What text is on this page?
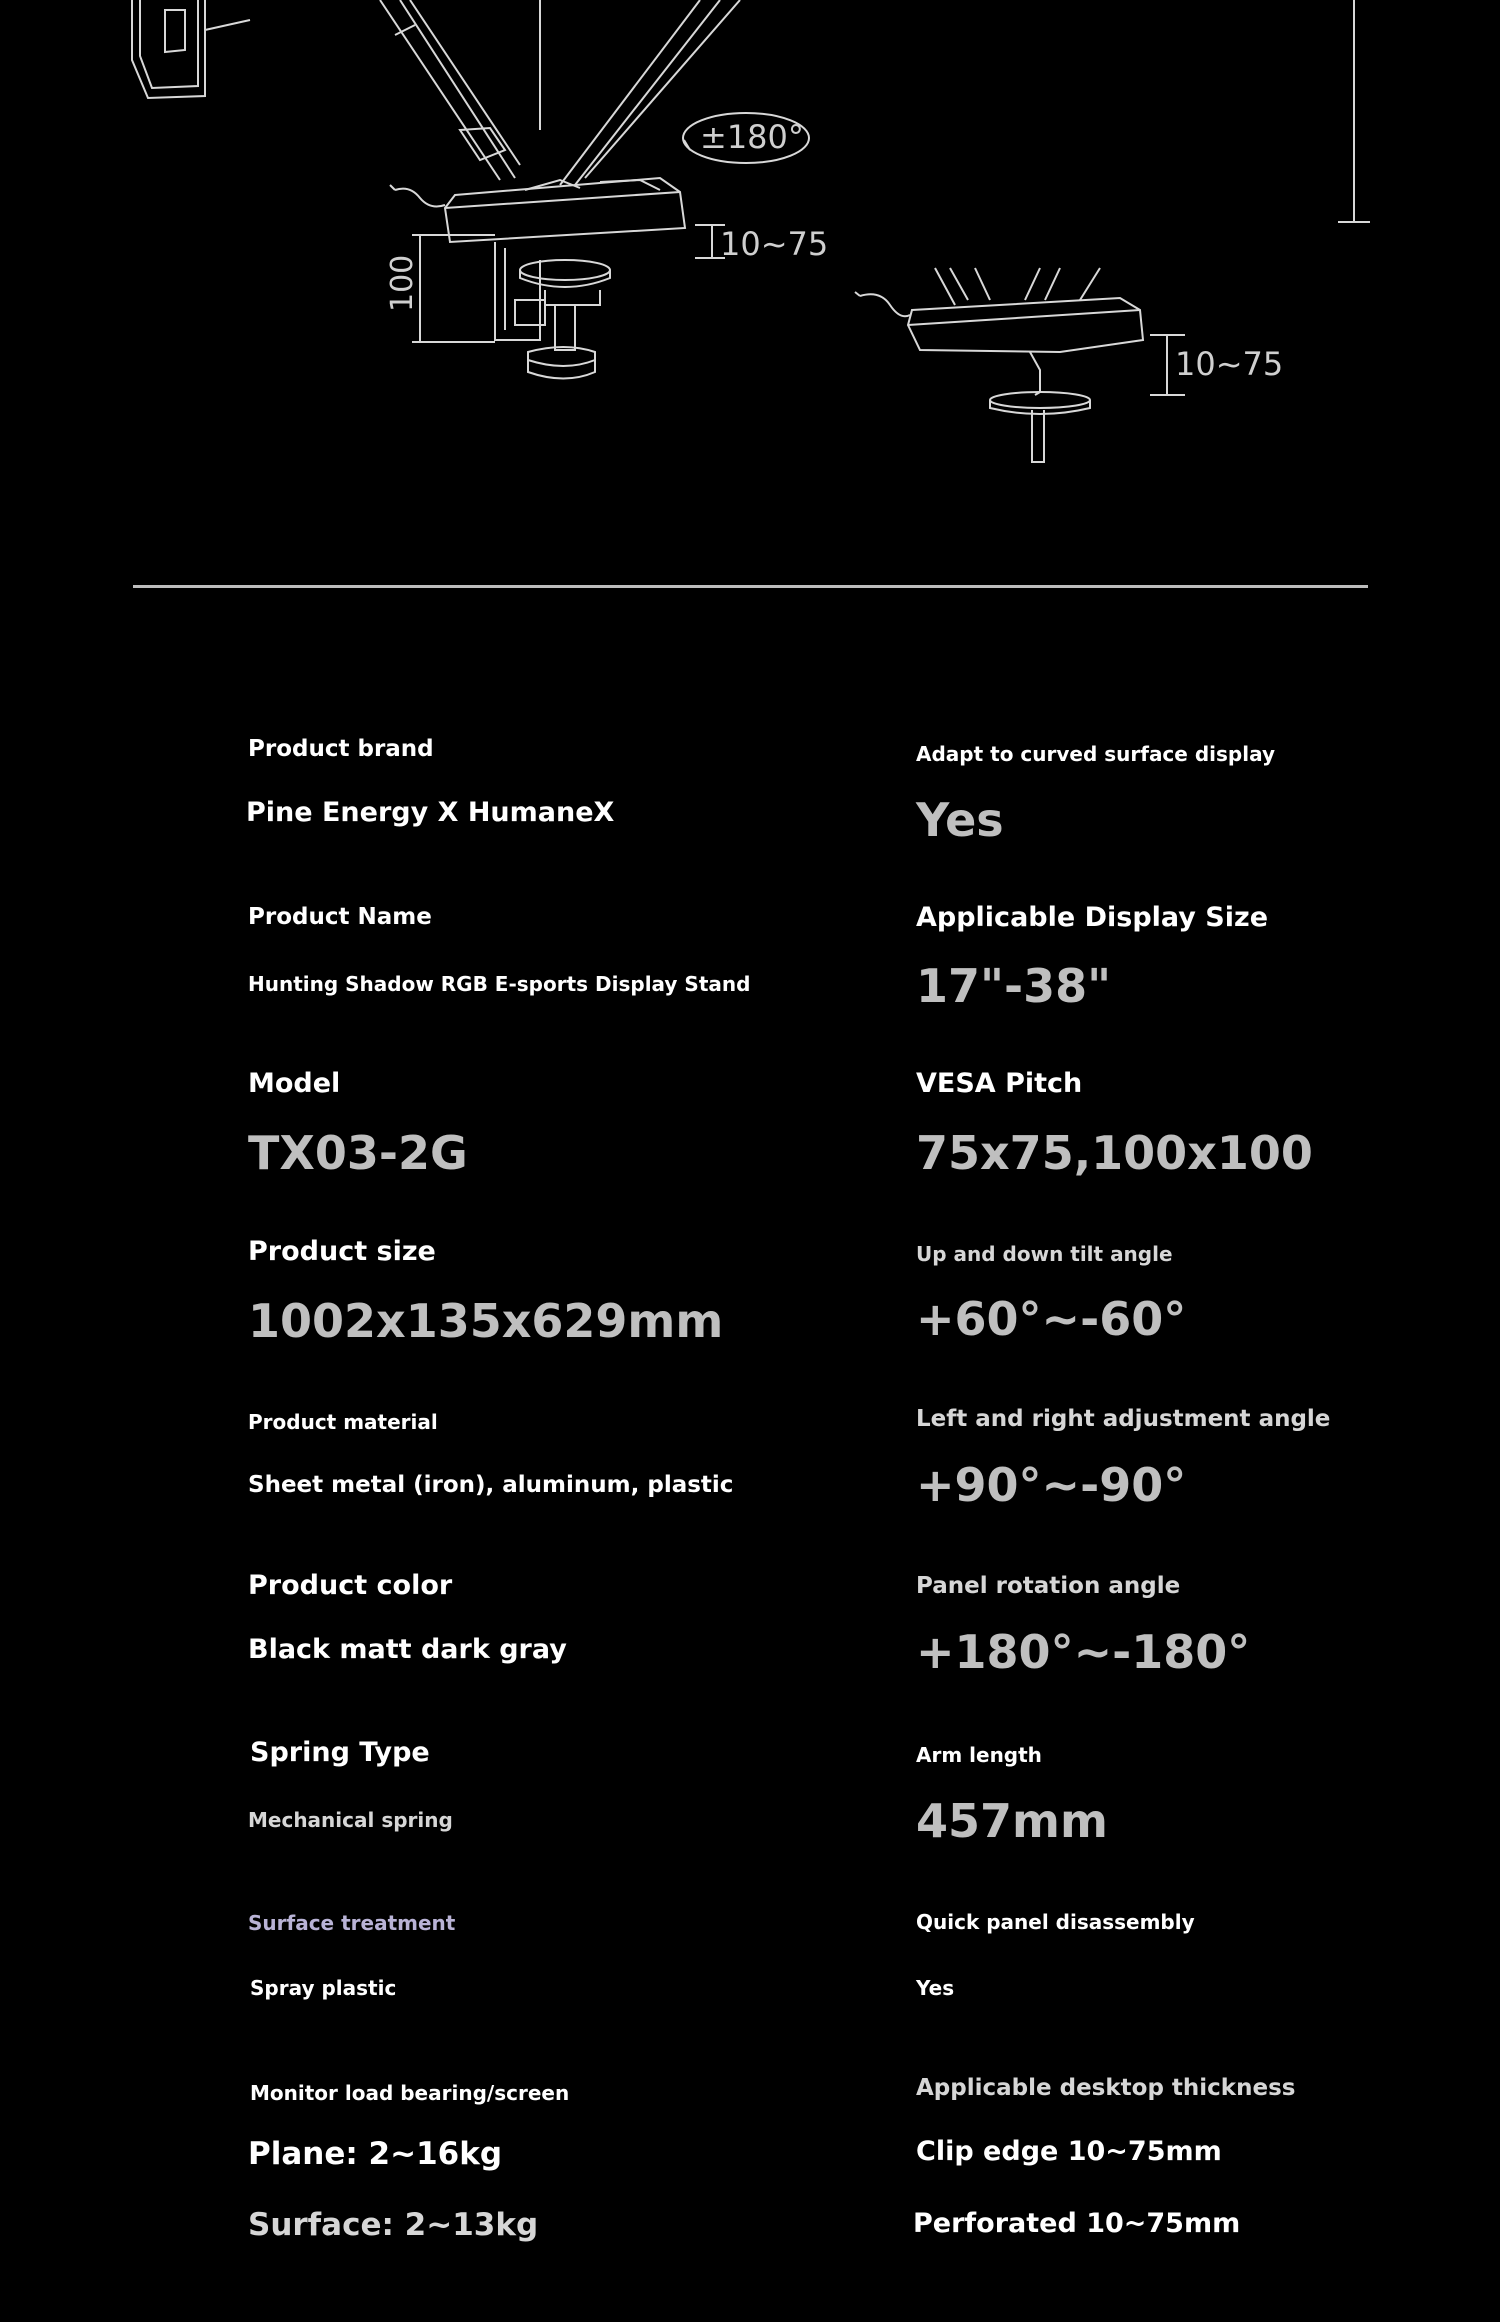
±180°
100
10~75
10~75
Product brand
Pine Energy X HumaneX
Product Name
Hunting Shadow RGB E-sports Display Stand
Model
TX03-2G
Product size
1002x135x629mm
Product material
Sheet metal (iron), aluminum, plastic
Product color
Black matt dark gray
Spring Type
Mechanical spring
Surface treatment
Spray plastic
Monitor load bearing/screen
Plane: 2~16kg
Surface: 2~13kg
Adapt to curved surface display
Yes
Applicable Display Size
17"-38"
VESA Pitch
75x75,100x100
Up and down tilt angle
+60°~-60°
Left and right adjustment angle
+90°~-90°
Panel rotation angle
+180°~-180°
Arm length
457mm
Quick panel disassembly
Yes
Applicable desktop thickness
Clip edge 10~75mm
Perforated 10~75mm
